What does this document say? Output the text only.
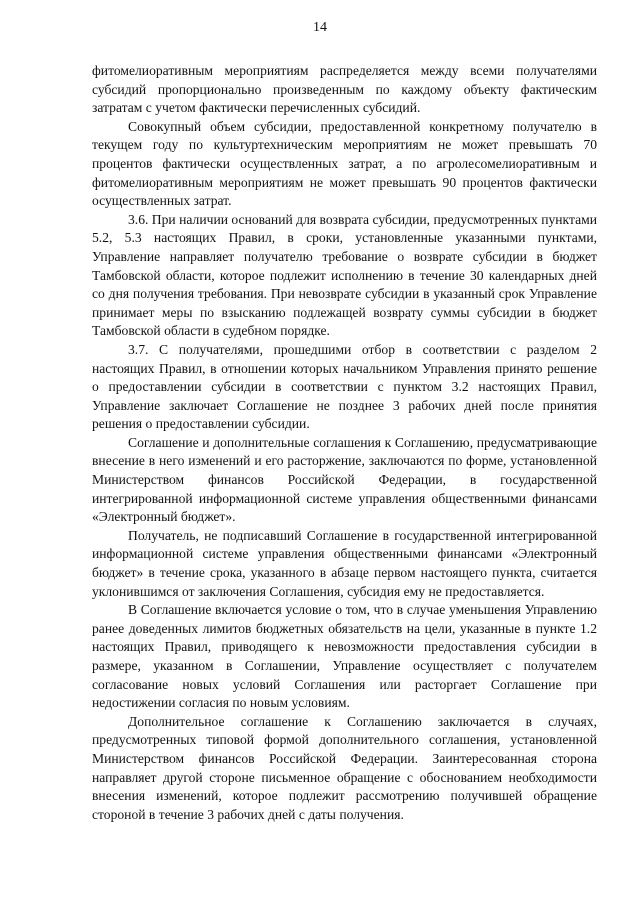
14

фитомелиоративным мероприятиям распределяется между всеми получателями субсидий пропорционально произведенным по каждому объекту фактическим затратам с учетом фактически перечисленных субсидий.

Совокупный объем субсидии, предоставленной конкретному получателю в текущем году по культуртехническим мероприятиям не может превышать 70 процентов фактически осуществленных затрат, а по агролесомелиоративным и фитомелиоративным мероприятиям не может превышать 90 процентов фактически осуществленных затрат.

3.6. При наличии оснований для возврата субсидии, предусмотренных пунктами 5.2, 5.3 настоящих Правил, в сроки, установленные указанными пунктами, Управление направляет получателю требование о возврате субсидии в бюджет Тамбовской области, которое подлежит исполнению в течение 30 календарных дней со дня получения требования. При невозврате субсидии в указанный срок Управление принимает меры по взысканию подлежащей возврату суммы субсидии в бюджет Тамбовской области в судебном порядке.

3.7. С получателями, прошедшими отбор в соответствии с разделом 2 настоящих Правил, в отношении которых начальником Управления принято решение о предоставлении субсидии в соответствии с пунктом 3.2 настоящих Правил, Управление заключает Соглашение не позднее 3 рабочих дней после принятия решения о предоставлении субсидии.

Соглашение и дополнительные соглашения к Соглашению, предусматривающие внесение в него изменений и его расторжение, заключаются по форме, установленной Министерством финансов Российской Федерации, в государственной интегрированной информационной системе управления общественными финансами «Электронный бюджет».

Получатель, не подписавший Соглашение в государственной интегрированной информационной системе управления общественными финансами «Электронный бюджет» в течение срока, указанного в абзаце первом настоящего пункта, считается уклонившимся от заключения Соглашения, субсидия ему не предоставляется.

В Соглашение включается условие о том, что в случае уменьшения Управлению ранее доведенных лимитов бюджетных обязательств на цели, указанные в пункте 1.2 настоящих Правил, приводящего к невозможности предоставления субсидии в размере, указанном в Соглашении, Управление осуществляет с получателем согласование новых условий Соглашения или расторгает Соглашение при недостижении согласия по новым условиям.

Дополнительное соглашение к Соглашению заключается в случаях, предусмотренных типовой формой дополнительного соглашения, установленной Министерством финансов Российской Федерации. Заинтересованная сторона направляет другой стороне письменное обращение с обоснованием необходимости внесения изменений, которое подлежит рассмотрению получившей обращение стороной в течение 3 рабочих дней с даты получения.
